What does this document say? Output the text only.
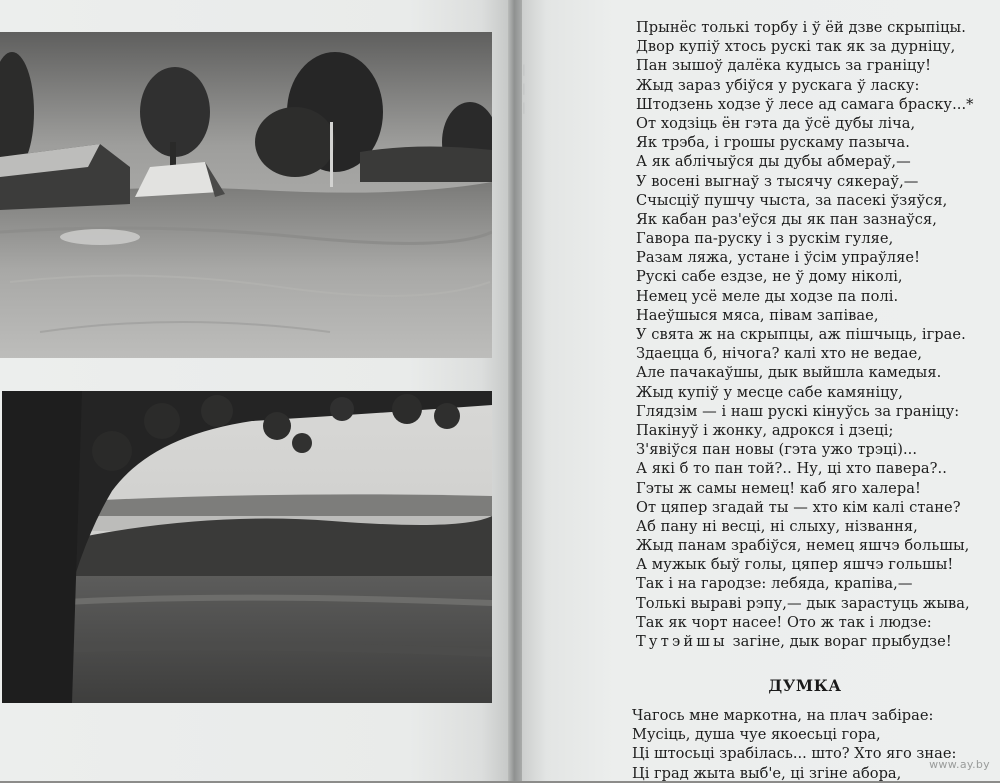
|
|
|
Прынёс толькі торбу і ў ёй дзве скрыпіцы.
Двор купіў хтось рускі так як за дурніцу,
Пан зышоў далёка кудысь за граніцу!
Жыд зараз убіўся у рускага ў ласку:
Штодзень ходзе ў лесе ад самага браску...*
От ходзіць ён гэта да ўсё дубы ліча,
Як трэба, і грошы рускаму пазыча.
А як аблічыўся ды дубы абмераў,—
У восені выгнаў з тысячу сякераў,—
Счысціў пушчу чыста, за пасекі ўзяўся,
Як кабан раз'еўся ды як пан зазнаўся,
Гавора па-руску і з рускім гуляе,
Разам ляжа, устане і ўсім упраўляе!
Рускі сабе ездзе, не ў дому ніколі,
Немец усё меле ды ходзе па полі.
Наеўшыся мяса, півам запівае,
У свята ж на скрыпцы, аж пішчыць, іграе.
Здаецца б, нічога? калі хто не ведае,
Але пачакаўшы, дык выйшла камедыя.
Жыд купіў у месце сабе камяніцу,
Глядзім — і наш рускі кінуўсь за граніцу:
Пакінуў і жонку, адрокся і дзеці;
З'явіўся пан новы (гэта ужо трэці)...
А які б то пан той?.. Ну, ці хто павера?..
Гэты ж самы немец! каб яго халера!
От цяпер згадай ты — хто кім калі стане?
Аб пану ні весці, ні слыху, нізвання,
Жыд панам зрабіўся, немец яшчэ большы,
А мужык быў голы, цяпер яшчэ гольшы!
Так і на гародзе: лебяда, крапіва,—
Толькі выраві рэпу,— дык зарастуць жыва,
Так як чорт насее! Ото ж так і людзе:
Тутэйшы загіне, дык вораг прыбудзе!
ДУМКА
Чагось мне маркотна, на плач забірае:
Мусіць, душа чуе якоесьці гора,
Ці штосьці зрабілась... што? Хто яго знае:
Ці град жыта выб'е, ці згіне абора,
www.ay.by
